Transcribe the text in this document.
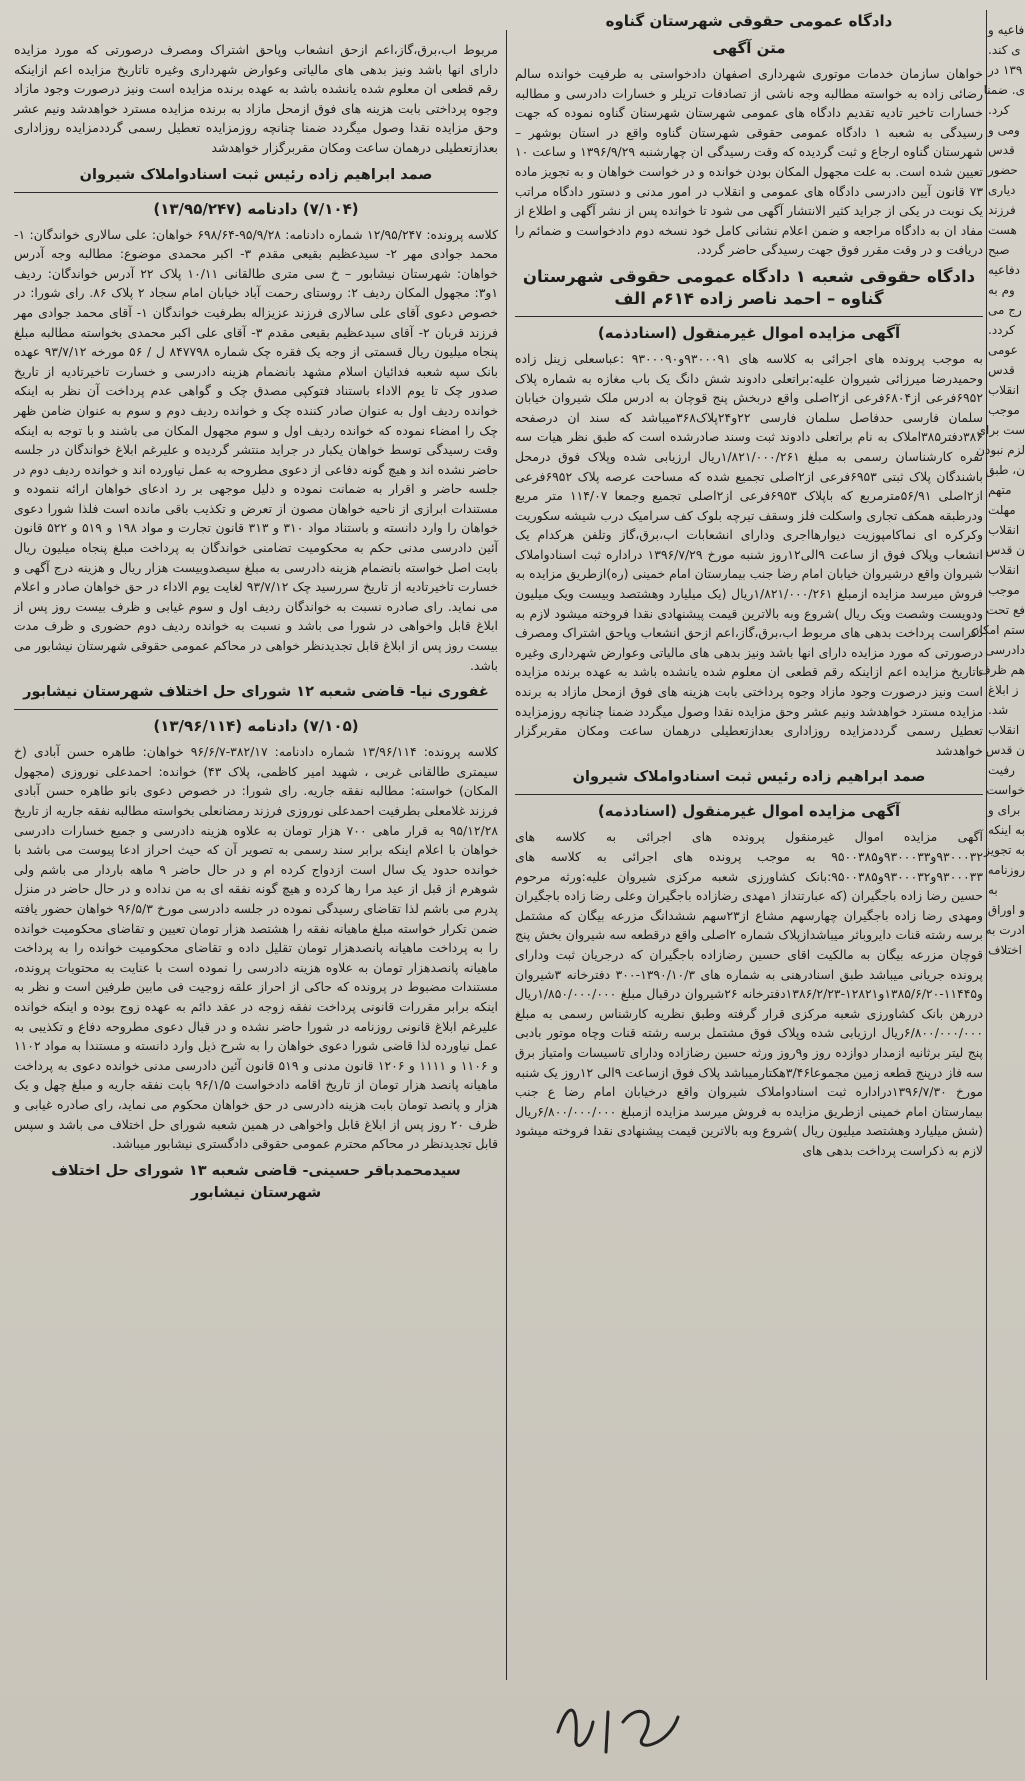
مربوط اب،برق،گاز،اعم ازحق انشعاب وپاحق اشتراک ومصرف درصورتی که مورد مزایده دارای انها باشد ونیز بدهی های مالیاتی وعوارض شهرداری وغیره تاتاریخ مزایده اعم ازاینکه رقم قطعی ان معلوم شده یانشده باشد به عهده برنده مزایده است ونیز درصورت وجود مازاد وجوه پرداختی بابت هزینه های فوق ازمحل مازاد به برنده مزایده مسترد خواهدشد ونیم عشر وحق مزایده نقدا وصول میگردد ضمنا چنانچه روزمزایده تعطیل رسمی گرددمزایده روزاداری بعدازتعطیلی درهمان ساعت ومکان مقربرگزار خواهدشد

صمد ابراهیم زاده رئیس ثبت اسنادواملاک شیروان
(۷/۱۰۴) دادنامه (۱۳/۹۵/۲۴۷)

کلاسه پرونده: ۱۲/۹۵/۲۴۷ شماره دادنامه: ۹۵/۹/۲۸-۶۹۸/۶۴ خواهان: علی سالاری خواندگان: ۱- محمد جوادی مهر ۲- سیدعظیم بقیعی مقدم ۳- اکبر محمدی موضوع: مطالبه وجه آدرس خواهان: شهرستان نیشابور – خ سی متری طالقانی ۱۰/۱۱ پلاک ۲۲ آدرس خواندگان: ردیف ۱و۳: مجهول المکان ردیف ۲: روستای رحمت آباد خیابان امام سجاد ۲ پلاک ۸۶. رای شورا: در خصوص دعوی آقای علی سالاری فرزند عزیزاله بطرفیت خواندگان ۱- آقای محمد جوادی مهر فرزند قربان ۲- آقای سیدعظیم بقیعی مقدم ۳- آقای علی اکبر محمدی بخواسته مطالبه مبلغ پنجاه میلیون ریال قسمتی از وجه یک فقره چک شماره ۸۴۷۷۹۸ ل / ۵۶ مورخه ۹۳/۷/۱۲ عهده بانک سپه شعبه فدائیان اسلام مشهد بانضمام هزینه دادرسی و خسارت تاخیرتادیه از تاریخ صدور چک تا یوم الاداء باستناد فتوکپی مصدق چک و گواهی عدم پرداخت آن نظر به اینکه خوانده ردیف اول به عنوان صادر کننده چک و خوانده ردیف دوم و سوم به عنوان ضامن ظهر چک را امضاء نموده که خوانده ردیف اول و سوم مجهول المکان می باشند و با توجه به اینکه وقت رسیدگی توسط خواهان یکبار در جراید منتشر گردیده و علیرغم ابلاغ خواندگان در جلسه حاضر نشده اند و هیچ گونه دفاعی از دعوی مطروحه به عمل نیاورده اند و خوانده ردیف دوم در جلسه حاضر و اقرار به ضمانت نموده و دلیل موجهی بر رد ادعای خواهان ارائه ننموده و مستندات ابرازی از ناحیه خواهان مصون از تعرض و تکذیب باقی مانده است فلذا شورا دعوی خواهان را وارد دانسته و باستناد مواد ۳۱۰ و ۳۱۳ قانون تجارت و مواد ۱۹۸ و ۵۱۹ و ۵۲۲ قانون آئین دادرسی مدنی حکم به محکومیت تضامنی خواندگان به پرداخت مبلغ پنجاه میلیون ریال بابت اصل خواسته بانضمام هزینه دادرسی به مبلغ سیصدوبیست هزار ریال و هزینه درج آگهی و خسارت تاخیرتادیه از تاریخ سررسید چک ۹۳/۷/۱۲ لغایت یوم الاداء در حق خواهان صادر و اعلام می نماید. رای صادره نسبت به خواندگان ردیف اول و سوم غیابی و ظرف بیست روز پس از ابلاغ قابل واخواهی در شورا می باشد و نسبت به خوانده ردیف دوم حضوری و ظرف مدت بیست روز پس از ابلاغ قابل تجدیدنظر خواهی در محاکم عمومی حقوقی شهرستان نیشابور می باشد.

غفوری نیا- قاضی شعبه ۱۲ شورای حل اختلاف شهرستان نیشابور
(۷/۱۰۵) دادنامه (۱۳/۹۶/۱۱۴)

کلاسه پرونده: ۱۳/۹۶/۱۱۴ شماره دادنامه: ۳۸۲/۱۷-۹۶/۶/۷ خواهان: طاهره حسن آبادی (خ سیمتری طالقانی غربی ، شهید امیر کاظمی، پلاک ۴۳) خوانده: احمدعلی نوروزی (مجهول المکان) خواسته: مطالبه نفقه جاریه. رای شورا: در خصوص دعوی بانو طاهره حسن آبادی فرزند غلامعلی بطرفیت احمدعلی نوروزی فرزند رمضانعلی بخواسته مطالبه نفقه جاریه از تاریخ ۹۵/۱۲/۲۸ به قرار ماهی ۷۰۰ هزار تومان به علاوه هزینه دادرسی و جمیع خسارات دادرسی خواهان با اعلام اینکه برابر سند رسمی به تصویر آن که حیث احراز ادعا پیوست می باشد با خوانده حدود یک سال است ازدواج کرده ام و در حال حاضر ۹ ماهه باردار می باشم ولی شوهرم از قبل از عید مرا رها کرده و هیچ گونه نفقه ای به من نداده و در حال حاضر در منزل پدرم می باشم لذا تقاضای رسیدگی نموده در جلسه دادرسی مورخ ۹۶/۵/۳ خواهان حضور یافته ضمن تکرار خواسته مبلغ ماهیانه نفقه را هشتصد هزار تومان تعیین و تقاضای محکومیت خوانده را به پرداخت ماهیانه پانصدهزار تومان تقلیل داده و تقاضای محکومیت خوانده را به پرداخت ماهیانه پانصدهزار تومان به علاوه هزینه دادرسی را نموده است با عنایت به محتویات پرونده، مستندات مضبوط در پرونده که حاکی از احراز علقه زوجیت فی مابین طرفین است و نظر به اینکه برابر مقررات قانونی پرداخت نفقه زوجه در عقد دائم به عهده زوج بوده و اینکه خوانده علیرغم ابلاغ قانونی روزنامه در شورا حاضر نشده و در قبال دعوی مطروحه دفاع و تکذیبی به عمل نیاورده لذا قاضی شورا دعوی خواهان را به شرح ذیل وارد دانسته و مستندا به مواد ۱۱۰۲ و ۱۱۰۶ و ۱۱۱۱ و ۱۲۰۶ قانون مدنی و ۵۱۹ قانون آئین دادرسی مدنی خوانده دعوی به پرداخت ماهیانه پانصد هزار تومان از تاریخ اقامه دادخواست ۹۶/۱/۵ بابت نفقه جاریه و مبلغ چهل و یک هزار و پانصد تومان بابت هزینه دادرسی در حق خواهان محکوم می نماید، رای صادره غیابی و ظرف ۲۰ روز پس از ابلاغ قابل واخواهی در همین شعبه شورای حل اختلاف می باشد و سپس قابل تجدیدنظر در محاکم محترم عمومی حقوقی دادگستری نیشابور میباشد.

سیدمحمدباقر حسینی- قاضی شعبه ۱۳ شورای حل اختلاف شهرستان نیشابور
دادگاه عمومی حقوقی شهرستان گناوه
متن آگهی

خواهان سازمان خدمات موتوری شهرداری اصفهان دادخواستی به طرفیت خوانده سالم رضائی زاده به خواسته مطالبه وجه ناشی از تصادفات تریلر و خسارات دادرسی و مطالبه خسارات تاخیر تادیه تقدیم دادگاه های عمومی شهرستان شهرستان گناوه نموده که جهت رسیدگی به شعبه ۱ دادگاه عمومی حقوقی شهرستان گناوه واقع در استان بوشهر – شهرستان گناوه ارجاع و ثبت گردیده که وقت رسیدگی ان چهارشنبه ۱۳۹۶/۹/۲۹ و ساعت ۱۰ تعیین شده است. به علت مجهول المکان بودن خوانده و در خواست خواهان و به تجویز ماده ۷۳ قانون آیین دادرسی دادگاه های عمومی و انقلاب در امور مدنی و دستور دادگاه مراتب یک نوبت در یکی از جراید کثیر الانتشار آگهی می شود تا خوانده پس از نشر آگهی و اطلاع از مفاد ان به دادگاه مراجعه و ضمن اعلام نشانی کامل خود نسخه دوم دادخواست و ضمائم را دریافت و در وقت مقرر فوق جهت رسیدگی حاضر گردد.

دادگاه حقوقی شعبه ۱ دادگاه عمومی حقوقی شهرستان گناوه – احمد ناصر زاده ۶۱۴م الف
آگهی مزایده اموال غیرمنقول (اسنادذمه)

به موجب پرونده های اجرائی به کلاسه های ۹۳۰۰۰۹۱و۹۳۰۰۰۹۰ :عباسعلی زینل زاده وحمیدرضا میرزائی شیروان علیه:براتعلی دادوند شش دانگ یک باب مغازه به شماره پلاک ۶۹۵۲فرعی از۶۸۰۴فرعی از۲اصلی واقع دربخش پنج قوچان به ادرس ملک شیروان خیابان سلمان فارسی حدفاصل سلمان فارسی ۲۲و۲۴پلاک۳۶۸میباشد که سند ان درصفحه ۳۸۶دفتر۳۸۵املاک به نام براتعلی دادوند ثبت وسند صادرشده است که طبق نظر هیات سه نفره کارشناسان رسمی به مبلغ ۱/۸۲۱/۰۰۰/۲۶۱ریال ارزیابی شده وپلاک فوق درمحل باشندگان پلاک ثبتی ۶۹۵۳فرعی از۲اصلی تجمیع شده که مساحت عرصه پلاک ۶۹۵۲فرعی از۲اصلی ۵۶/۹۱مترمربع که باپلاک ۶۹۵۳فرعی از۲اصلی تجمیع وجمعا ۱۱۴/۰۷ متر مربع ودرطبقه همکف تجاری واسکلت فلز وسقف تیرچه بلوک کف سرامیک درب شیشه سکوریت وکرکره ای نماکامپوزیت دیوارهااجری ودارای انشعابات اب،برق،گاز وتلفن هرکدام یک انشعاب وپلاک فوق از ساعت ۹الی۱۲روز شنبه مورخ ۱۳۹۶/۷/۲۹ دراداره ثبت اسنادواملاک شیروان واقع درشیروان خیابان امام رضا جنب بیمارستان امام خمینی (ره)ازطریق مزایده به فروش میرسد مزایده ازمبلغ ۱/۸۲۱/۰۰۰/۲۶۱ریال (یک میلیارد وهشتصد وبیست ویک میلیون ودویست وشصت ویک ریال )شروع وبه بالاترین قیمت پیشنهادی نقدا فروخته میشود لازم به ذکراست پرداخت بدهی های مربوط اب،برق،گاز،اعم ازحق انشعاب وپاحق اشتراک ومصرف درصورتی که مورد مزایده دارای انها باشد ونیز بدهی های مالیاتی وعوارض شهرداری وغیره تاتاریخ مزایده اعم ازاینکه رقم قطعی ان معلوم شده یانشده باشد به عهده برنده مزایده است ونیز درصورت وجود مازاد وجوه پرداختی بابت هزینه های فوق ازمحل مازاد به برنده مزایده مسترد خواهدشد ونیم عشر وحق مزایده نقدا وصول میگردد ضمنا چنانچه روزمزایده تعطیل رسمی گرددمزایده روزاداری بعدازتعطیلی درهمان ساعت ومکان مقربرگزار خواهدشد

صمد ابراهیم زاده رئیس ثبت اسنادواملاک شیروان
آگهی مزایده اموال غیرمنقول (اسنادذمه)

آگهی مزایده اموال غیرمنقول پرونده های اجرائی به کلاسه های ۹۳۰۰۰۳۲و۹۳۰۰۰۳۳و۹۵۰۰۳۸۵ به موجب پرونده های اجرائی به کلاسه های ۹۳۰۰۰۳۳و۹۳۰۰۰۳۲و۹۵۰۰۳۸۵:بانک کشاورزی شعبه مرکزی شیروان علیه:ورثه مرحوم حسین رضا زاده باجگیران (که عبارتنداز ۱مهدی رضازاده باجگیران وعلی رضا زاده باجگیران ومهدی رضا زاده باجگیران چهارسهم مشاع از۲۳سهم ششدانگ مزرعه بیگان که مشتمل برسه رشته قنات دایروباثر میباشدازپلاک شماره ۲اصلی واقع درقطعه سه شیروان بخش پنج قوچان مزرعه بیگان به مالکیت اقای حسین رضازاده باجگیران که درجریان ثبت ودارای پرونده جریانی میباشد طبق اسنادرهنی به شماره های ۱۳۹۰/۱۰/۳-۳۰۰ دفترخانه ۳شیروان و۱۱۴۴۵-۱۳۸۵/۶/۲۰و۱۲۸۲۱-۱۳۸۶/۲/۲۳دفترخانه ۲۶شیروان درقبال مبلغ ۱/۸۵۰/۰۰۰/۰۰۰ریال دررهن بانک کشاورزی شعبه مرکزی قرار گرفته وطبق نظریه کارشناس رسمی به مبلغ ۶/۸۰۰/۰۰۰/۰۰۰ریال ارزیابی شده وپلاک فوق مشتمل برسه رشته قنات وچاه موتور بادبی پنج لیتر برثانیه ازمدار دوازده روز و۹روز ورثه حسین رضازاده ودارای تاسیسات وامتیاز برق سه فاز درپنج قطعه زمین مجموعا۳/۴۶هکتارمیباشد پلاک فوق ازساعت ۹الی ۱۲روز یک شنبه مورخ ۱۳۹۶/۷/۳۰دراداره ثبت اسنادواملاک شیروان واقع درخیابان امام رضا ع جنب بیمارستان امام خمینی ازطریق مزایده به فروش میرسد مزایده ازمبلغ ۶/۸۰۰/۰۰۰/۰۰۰ریال (شش میلیارد وهشتصد میلیون ریال )شروع وبه بالاترین قیمت پیشنهادی نقدا فروخته میشود لازم به ذکراست پرداخت بدهی های

فاعیه و
ی کند.
۱۳۹ در
ی. ضمنا
کرد.
ومی و
قدس
حضور
دیاری
فرزند
هست
صبح
دفاعیه
وم به
رج می
کردد.
عومی
قدس
انقلاب
موجب
ست برای
لزم نبودن
ن، طبق
متهم
مهلت
انقلاب
ن قدس
انقلاب
موجب
فع تحت
ستم امکان
دادرسی
هم ظرف
ز ابلاغ
شد.
انقلاب
ن قدس
رفیت
خواست
برای و
به اینکه
به تجویز
روزنامه
به
و اوراق
ادرت به
اختلاف
